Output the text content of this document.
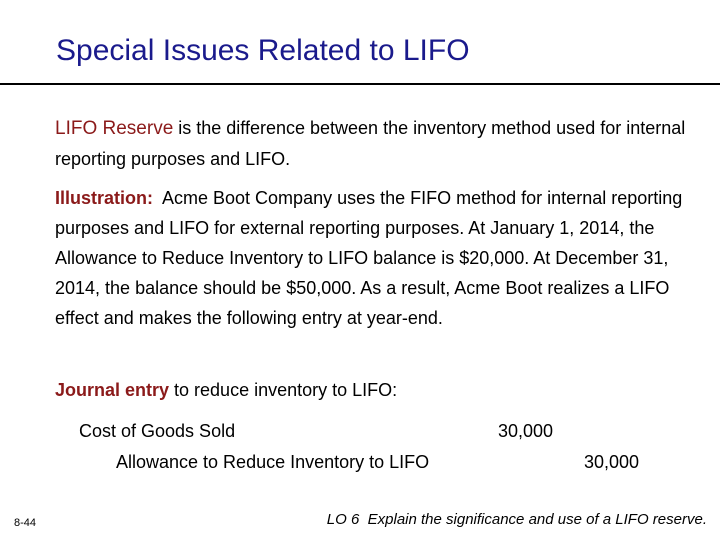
Special Issues Related to LIFO
LIFO Reserve is the difference between the inventory method used for internal reporting purposes and LIFO.
Illustration:  Acme Boot Company uses the FIFO method for internal reporting purposes and LIFO for external reporting purposes. At January 1, 2014, the Allowance to Reduce Inventory to LIFO balance is $20,000. At December 31, 2014, the balance should be $50,000. As a result, Acme Boot realizes a LIFO effect and makes the following entry at year-end.
Journal entry to reduce inventory to LIFO:
Cost of Goods Sold	30,000
Allowance to Reduce Inventory to LIFO	30,000
8-44	LO 6  Explain the significance and use of a LIFO reserve.
